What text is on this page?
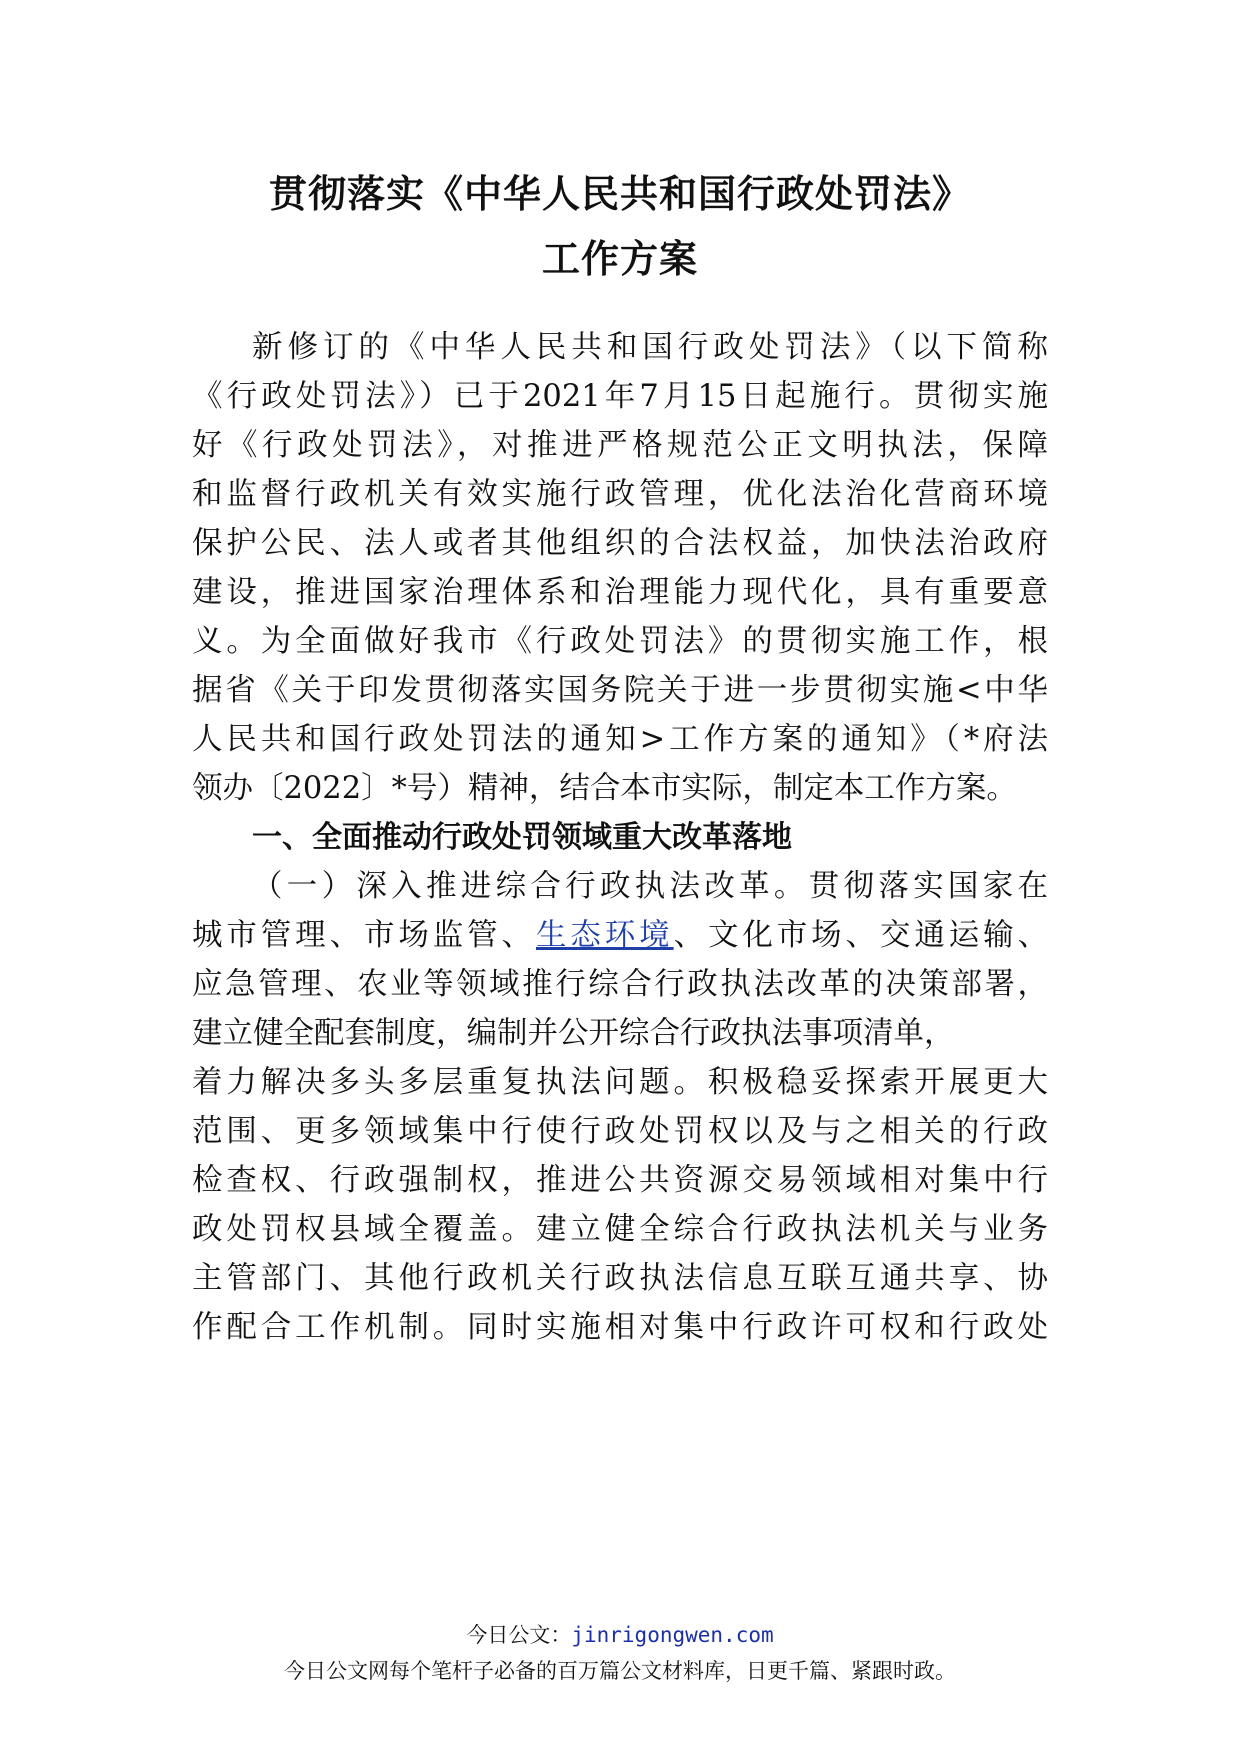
贯彻落实《中华人民共和国行政处罚法》
工作方案
新修订的《中华人民共和国行政处罚法》（以下简称
《行政处罚法》）已于2021年7月15日起施行。贯彻实施
好《行政处罚法》，对推进严格规范公正文明执法，保障
和监督行政机关有效实施行政管理，优化法治化营商环境
保护公民、法人或者其他组织的合法权益，加快法治政府
建设，推进国家治理体系和治理能力现代化，具有重要意
义。为全面做好我市《行政处罚法》的贯彻实施工作，根
据省《关于印发贯彻落实国务院关于进一步贯彻实施<中华
人民共和国行政处罚法的通知>工作方案的通知》（*府法
领办〔2022〕*号）精神，结合本市实际，制定本工作方案。
一、全面推动行政处罚领域重大改革落地
（一）深入推进综合行政执法改革。贯彻落实国家在
城市管理、市场监管、生态环境、文化市场、交通运输、
应急管理、农业等领域推行综合行政执法改革的决策部署，
建立健全配套制度，编制并公开综合行政执法事项清单，
着力解决多头多层重复执法问题。积极稳妥探索开展更大
范围、更多领域集中行使行政处罚权以及与之相关的行政
检查权、行政强制权，推进公共资源交易领域相对集中行
政处罚权县域全覆盖。建立健全综合行政执法机关与业务
主管部门、其他行政机关行政执法信息互联互通共享、协
作配合工作机制。同时实施相对集中行政许可权和行政处
今日公文：jinrigongwen.com
今日公文网每个笔杆子必备的百万篇公文材料库，日更千篇、紧跟时政。
